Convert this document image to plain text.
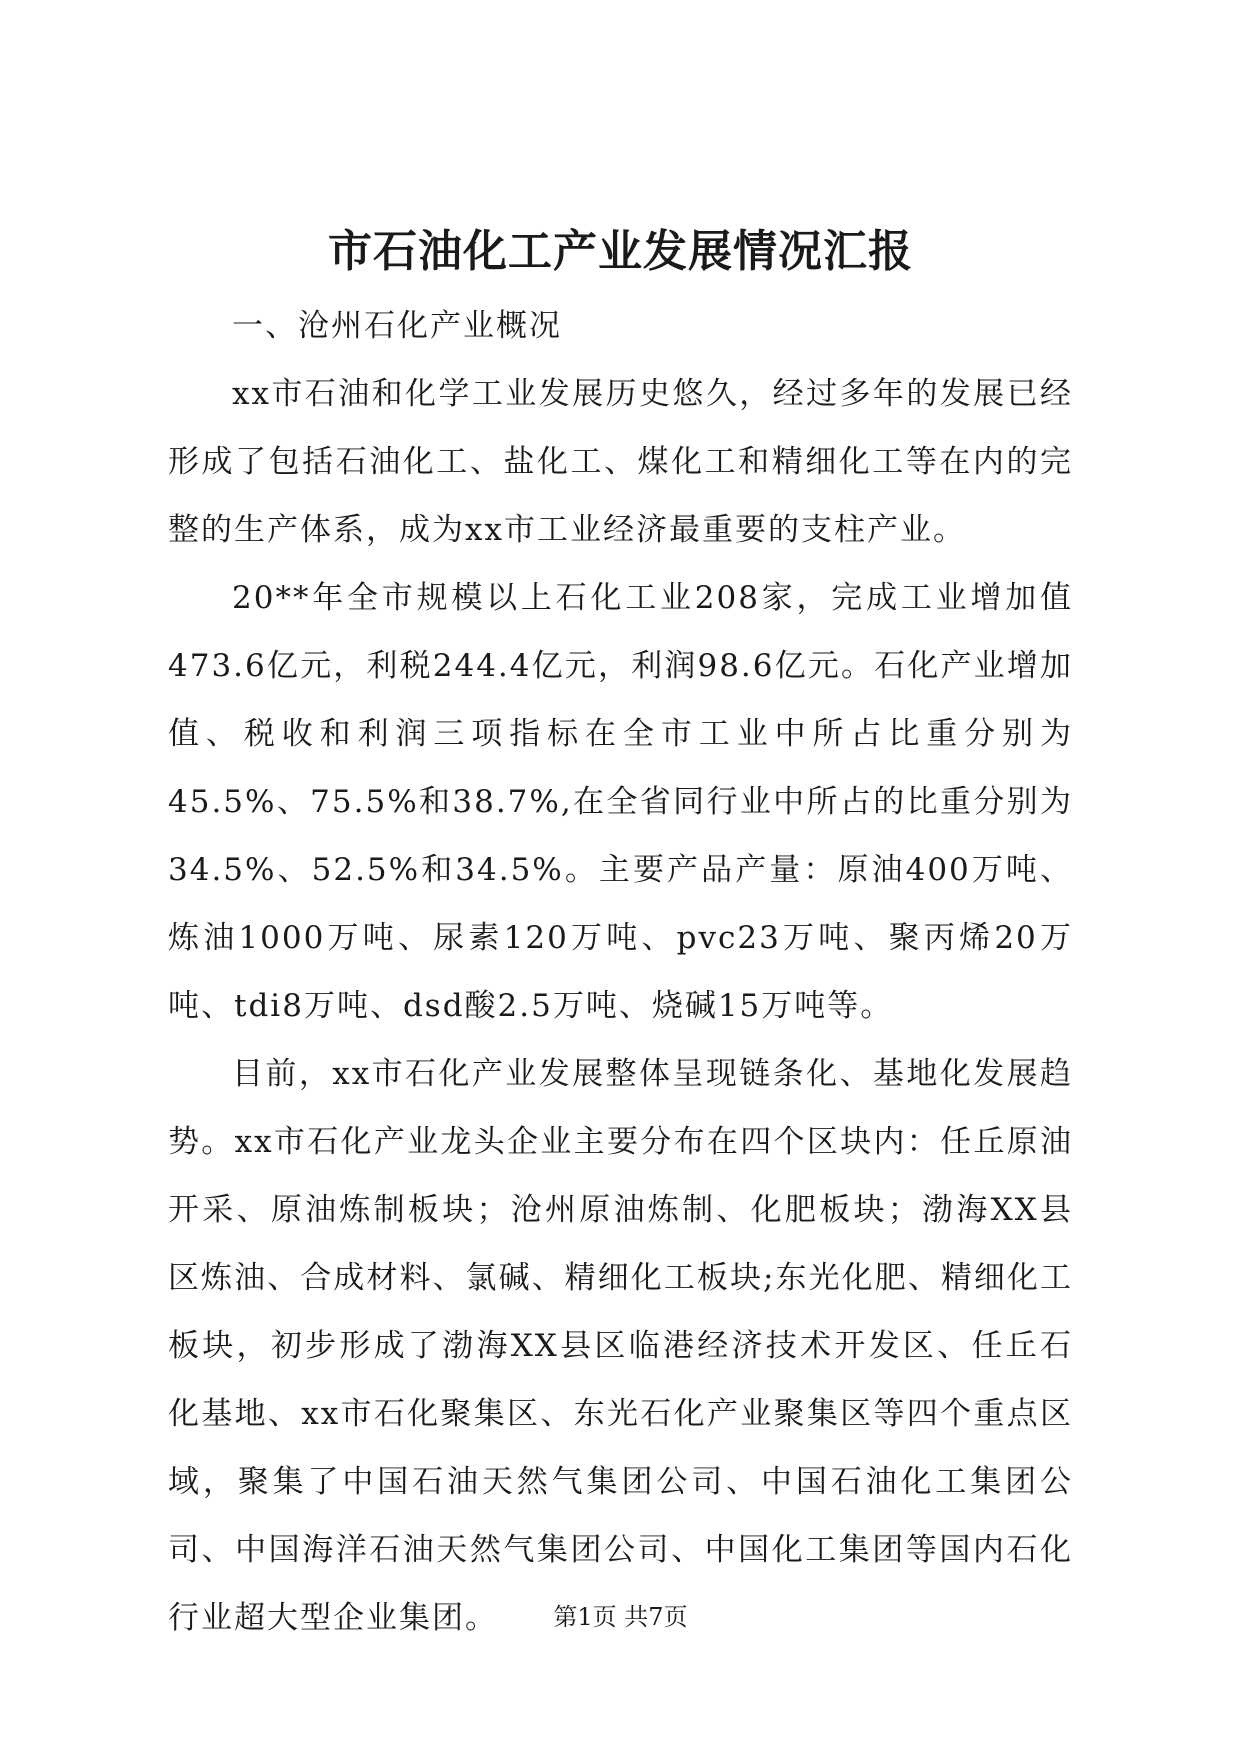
市石油化工产业发展情况汇报

一、沧州石化产业概况

xx市石油和化学工业发展历史悠久，经过多年的发展已经形成了包括石油化工、盐化工、煤化工和精细化工等在内的完整的生产体系，成为xx市工业经济最重要的支柱产业。

20**年全市规模以上石化工业208家，完成工业增加值473.6亿元，利税244.4亿元，利润98.6亿元。石化产业增加值、税收和利润三项指标在全市工业中所占比重分别为45.5%、75.5%和38.7%,在全省同行业中所占的比重分别为34.5%、52.5%和34.5%。主要产品产量：原油400万吨、炼油1000万吨、尿素120万吨、pvc23万吨、聚丙烯20万吨、tdi8万吨、dsd酸2.5万吨、烧碱15万吨等。

目前，xx市石化产业发展整体呈现链条化、基地化发展趋势。xx市石化产业龙头企业主要分布在四个区块内：任丘原油开采、原油炼制板块；沧州原油炼制、化肥板块；渤海XX县区炼油、合成材料、氯碱、精细化工板块;东光化肥、精细化工板块，初步形成了渤海XX县区临港经济技术开发区、任丘石化基地、xx市石化聚集区、东光石化产业聚集区等四个重点区域，聚集了中国石油天然气集团公司、中国石油化工集团公司、中国海洋石油天然气集团公司、中国化工集团等国内石化行业超大型企业集团。	第1页 共7页
